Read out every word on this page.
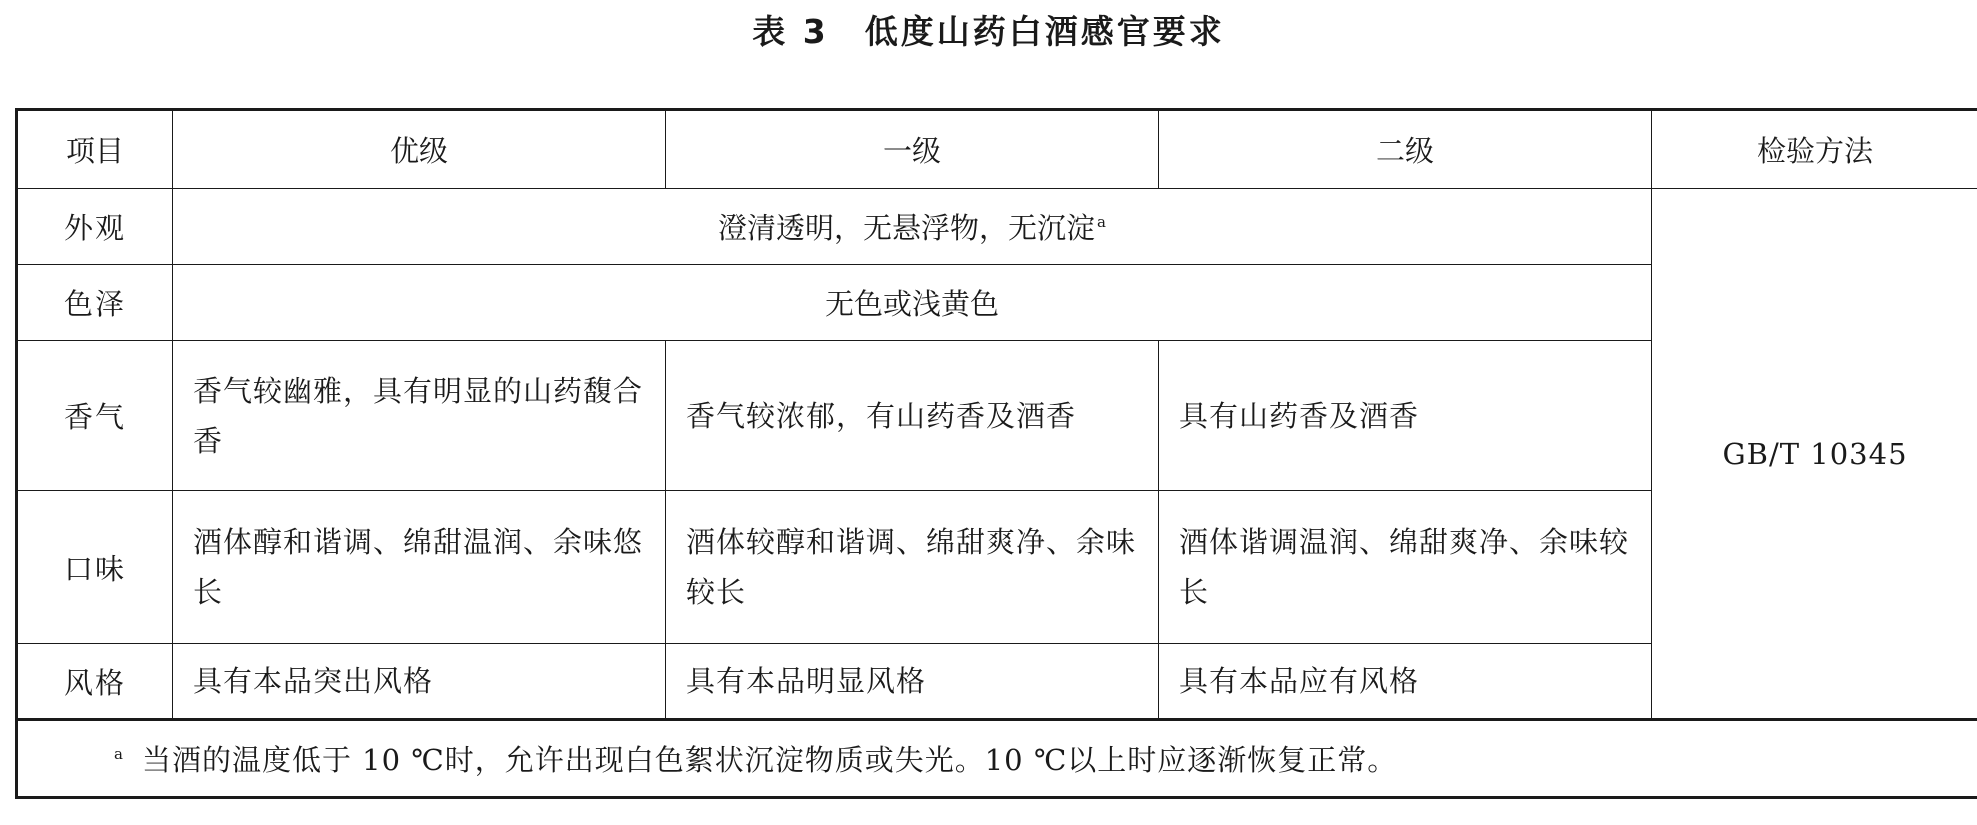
表 3　低度山药白酒感官要求
项目	优级	一级	二级	检验方法
外观	澄清透明，无悬浮物，无沉淀 $^a$			GB/T 10345
色泽	无色或浅黄色			
香气	香气较幽雅，具有明显的山药馥合香	香气较浓郁，有山药香及酒香	具有山药香及酒香	
口味	酒体醇和谐调、绵甜温润、余味悠长	酒体较醇和谐调、绵甜爽净、余味较长	酒体谐调温润、绵甜爽净、余味较长	
风格	具有本品突出风格	具有本品明显风格	具有本品应有风格	
$^a$ 当酒的温度低于 10 ℃时，允许出现白色絮状沉淀物质或失光。10 ℃以上时应逐渐恢复正常。				
